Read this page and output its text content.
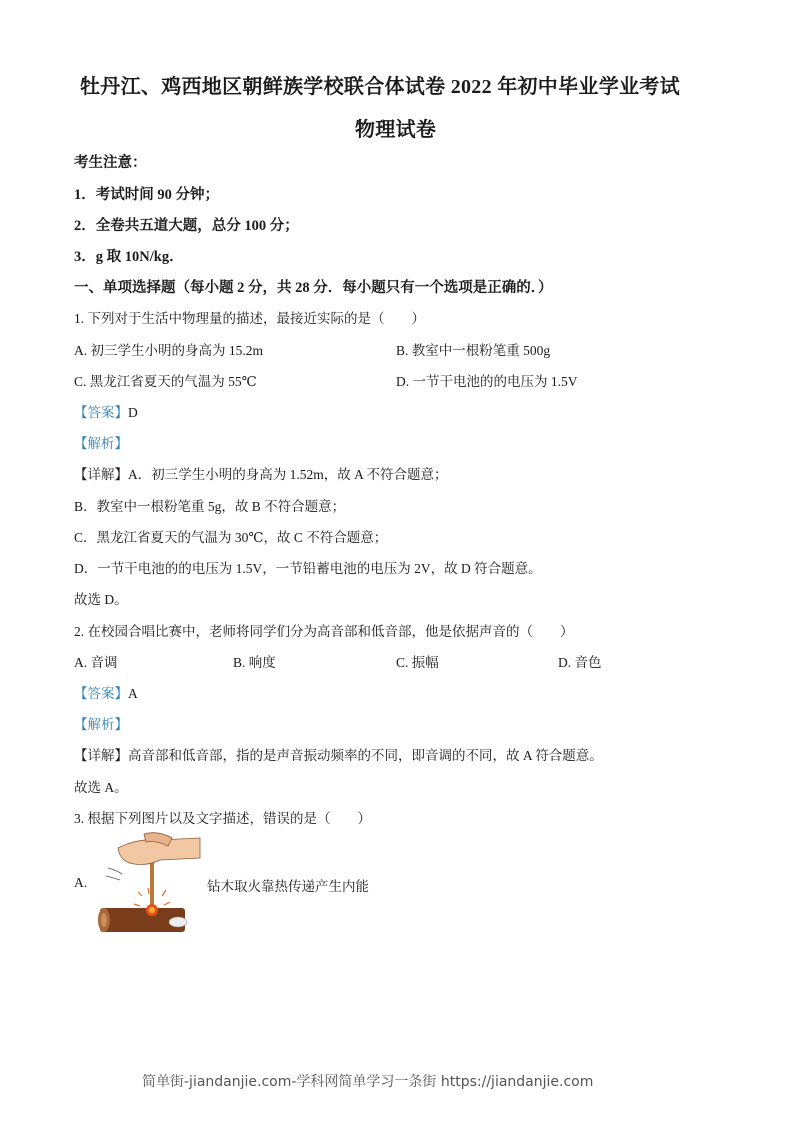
牡丹江、鸡西地区朝鲜族学校联合体试卷 2022 年初中毕业学业考试
物理试卷
考生注意：
1．考试时间 90 分钟；
2．全卷共五道大题，总分 100 分；
3．g 取 10N/kg．
一、单项选择题（每小题 2 分，共 28 分．每小题只有一个选项是正确的．）
1. 下列对于生活中物理量的描述，最接近实际的是（　　）
A. 初三学生小明的身高为 15.2m	B. 教室中一根粉笔重 500g
C. 黑龙江省夏天的气温为 55℃	D. 一节干电池的的电压为 1.5V
【答案】D
【解析】
【详解】A．初三学生小明的身高为 1.52m，故 A 不符合题意；
B．教室中一根粉笔重 5g，故 B 不符合题意；
C．黑龙江省夏天的气温为 30℃，故 C 不符合题意；
D．一节干电池的的电压为 1.5V，一节铅蓄电池的电压为 2V，故 D 符合题意。
故选 D。
2. 在校园合唱比赛中，老师将同学们分为高音部和低音部，他是依据声音的（　　）
A. 音调	B. 响度	C. 振幅	D. 音色
【答案】A
【解析】
【详解】高音部和低音部，指的是声音振动频率的不同，即音调的不同，故 A 符合题意。
故选 A。
3. 根据下列图片以及文字描述，错误的是（　　）
A.	钻木取火靠热传递产生内能
简单街-jiandanjie.com-学科网简单学习一条街 https://jiandanjie.com
